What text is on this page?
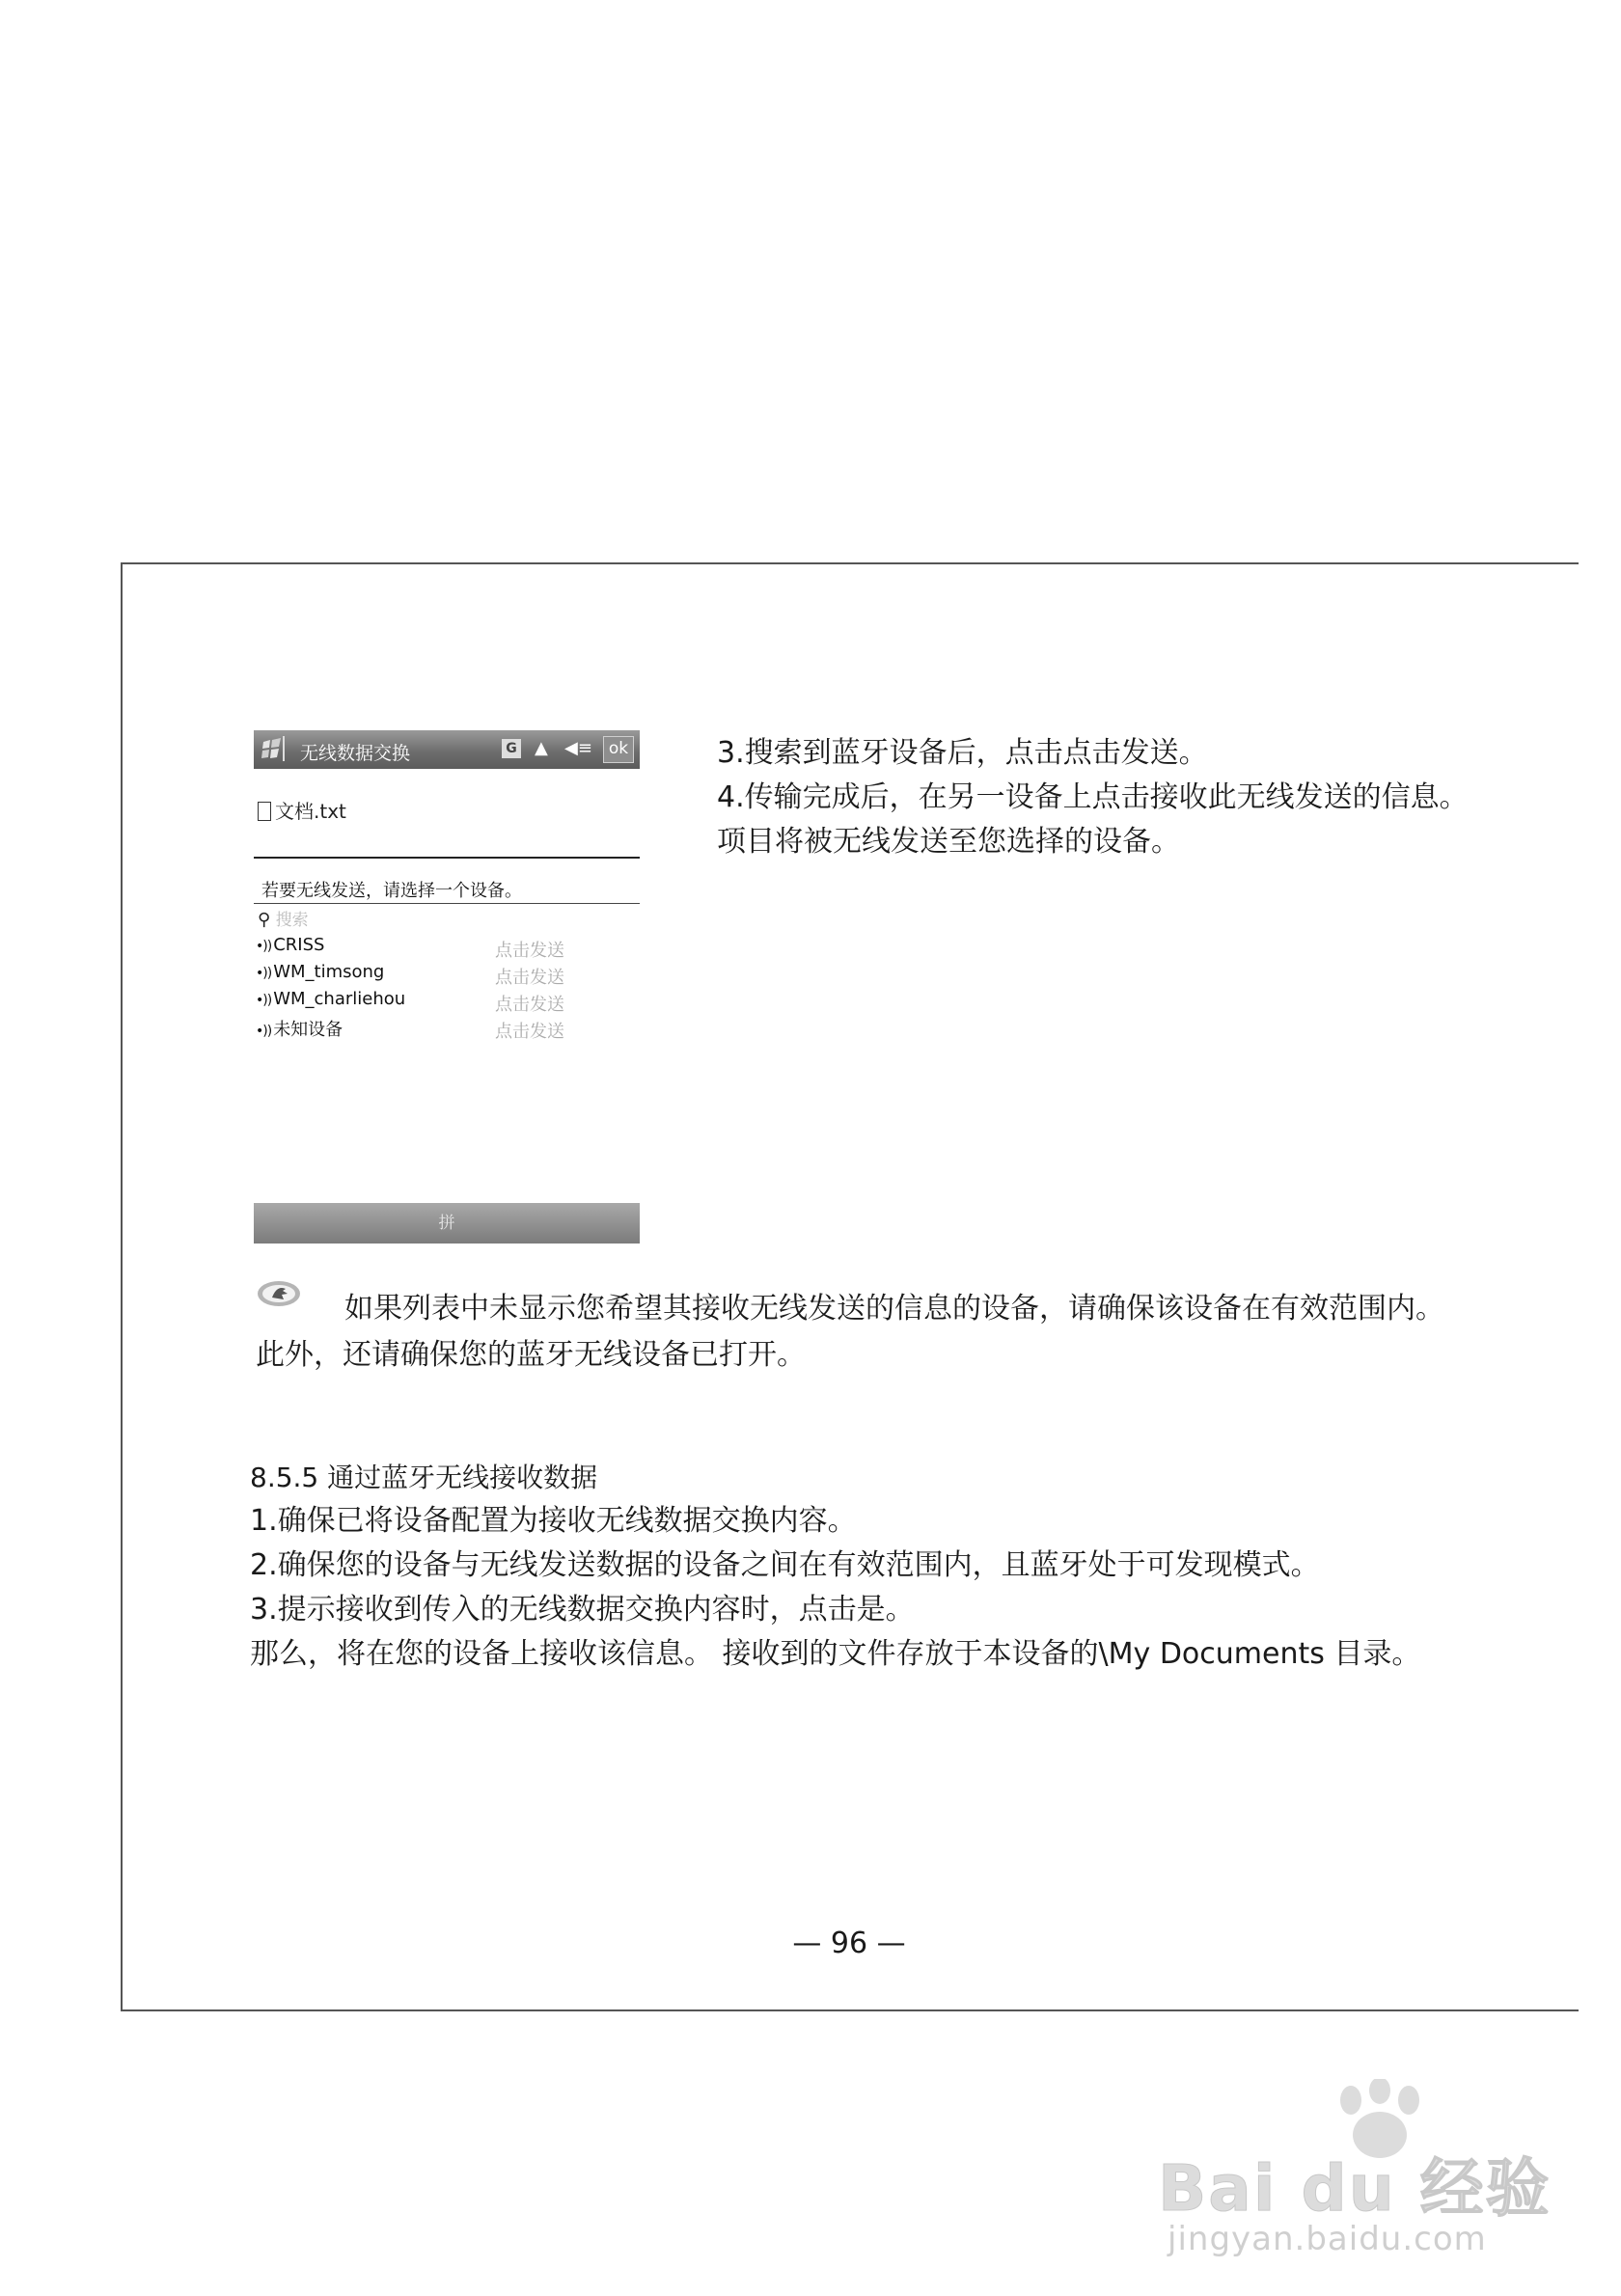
无线数据交换	G ▲ ◀≡ ok
文档.txt
若要无线发送，请选择一个设备。
⚲ 搜索
•)) CRISS	点击发送
•)) WM_timsong	点击发送
•)) WM_charliehou	点击发送
•)) 未知设备	点击发送
拼
3.搜索到蓝牙设备后，点击点击发送。
4.传输完成后，在另一设备上点击接收此无线发送的信息。
项目将被无线发送至您选择的设备。
如果列表中未显示您希望其接收无线发送的信息的设备，请确保该设备在有效范围内。
此外，还请确保您的蓝牙无线设备已打开。
8.5.5 通过蓝牙无线接收数据
1.确保已将设备配置为接收无线数据交换内容。
2.确保您的设备与无线发送数据的设备之间在有效范围内，且蓝牙处于可发现模式。
3.提示接收到传入的无线数据交换内容时，点击是。
那么，将在您的设备上接收该信息。 接收到的文件存放于本设备的\My Documents 目录。
— 96 —
Bai du 经验
jingyan.baidu.com
